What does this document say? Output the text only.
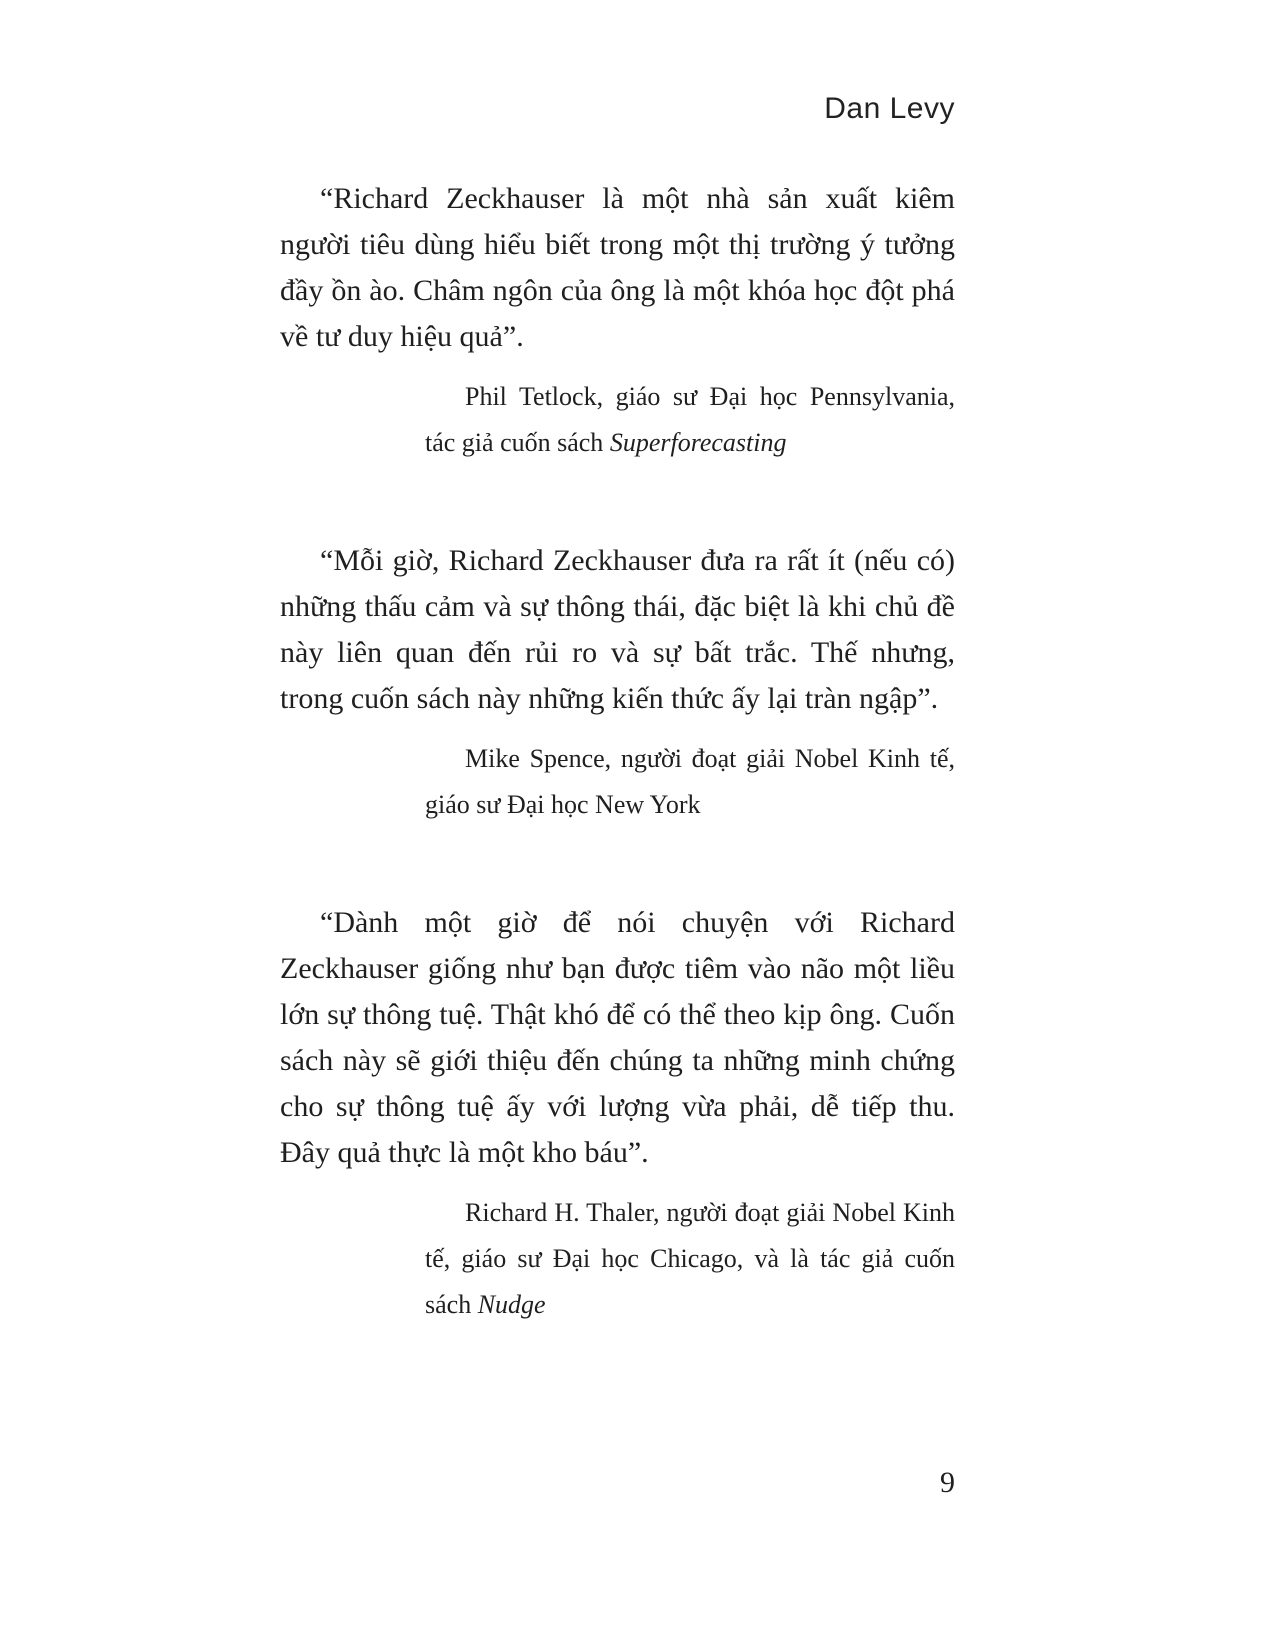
Dan Levy

“Richard Zeckhauser là một nhà sản xuất kiêm người tiêu dùng hiểu biết trong một thị trường ý tưởng đầy ồn ào. Châm ngôn của ông là một khóa học đột phá về tư duy hiệu quả”.

Phil Tetlock, giáo sư Đại học Pennsylvania, tác giả cuốn sách Superforecasting

“Mỗi giờ, Richard Zeckhauser đưa ra rất ít (nếu có) những thấu cảm và sự thông thái, đặc biệt là khi chủ đề này liên quan đến rủi ro và sự bất trắc. Thế nhưng, trong cuốn sách này những kiến thức ấy lại tràn ngập”.

Mike Spence, người đoạt giải Nobel Kinh tế, giáo sư Đại học New York

“Dành một giờ để nói chuyện với Richard Zeckhauser giống như bạn được tiêm vào não một liều lớn sự thông tuệ. Thật khó để có thể theo kịp ông. Cuốn sách này sẽ giới thiệu đến chúng ta những minh chứng cho sự thông tuệ ấy với lượng vừa phải, dễ tiếp thu. Đây quả thực là một kho báu”.

Richard H. Thaler, người đoạt giải Nobel Kinh tế, giáo sư Đại học Chicago, và là tác giả cuốn sách Nudge

9
